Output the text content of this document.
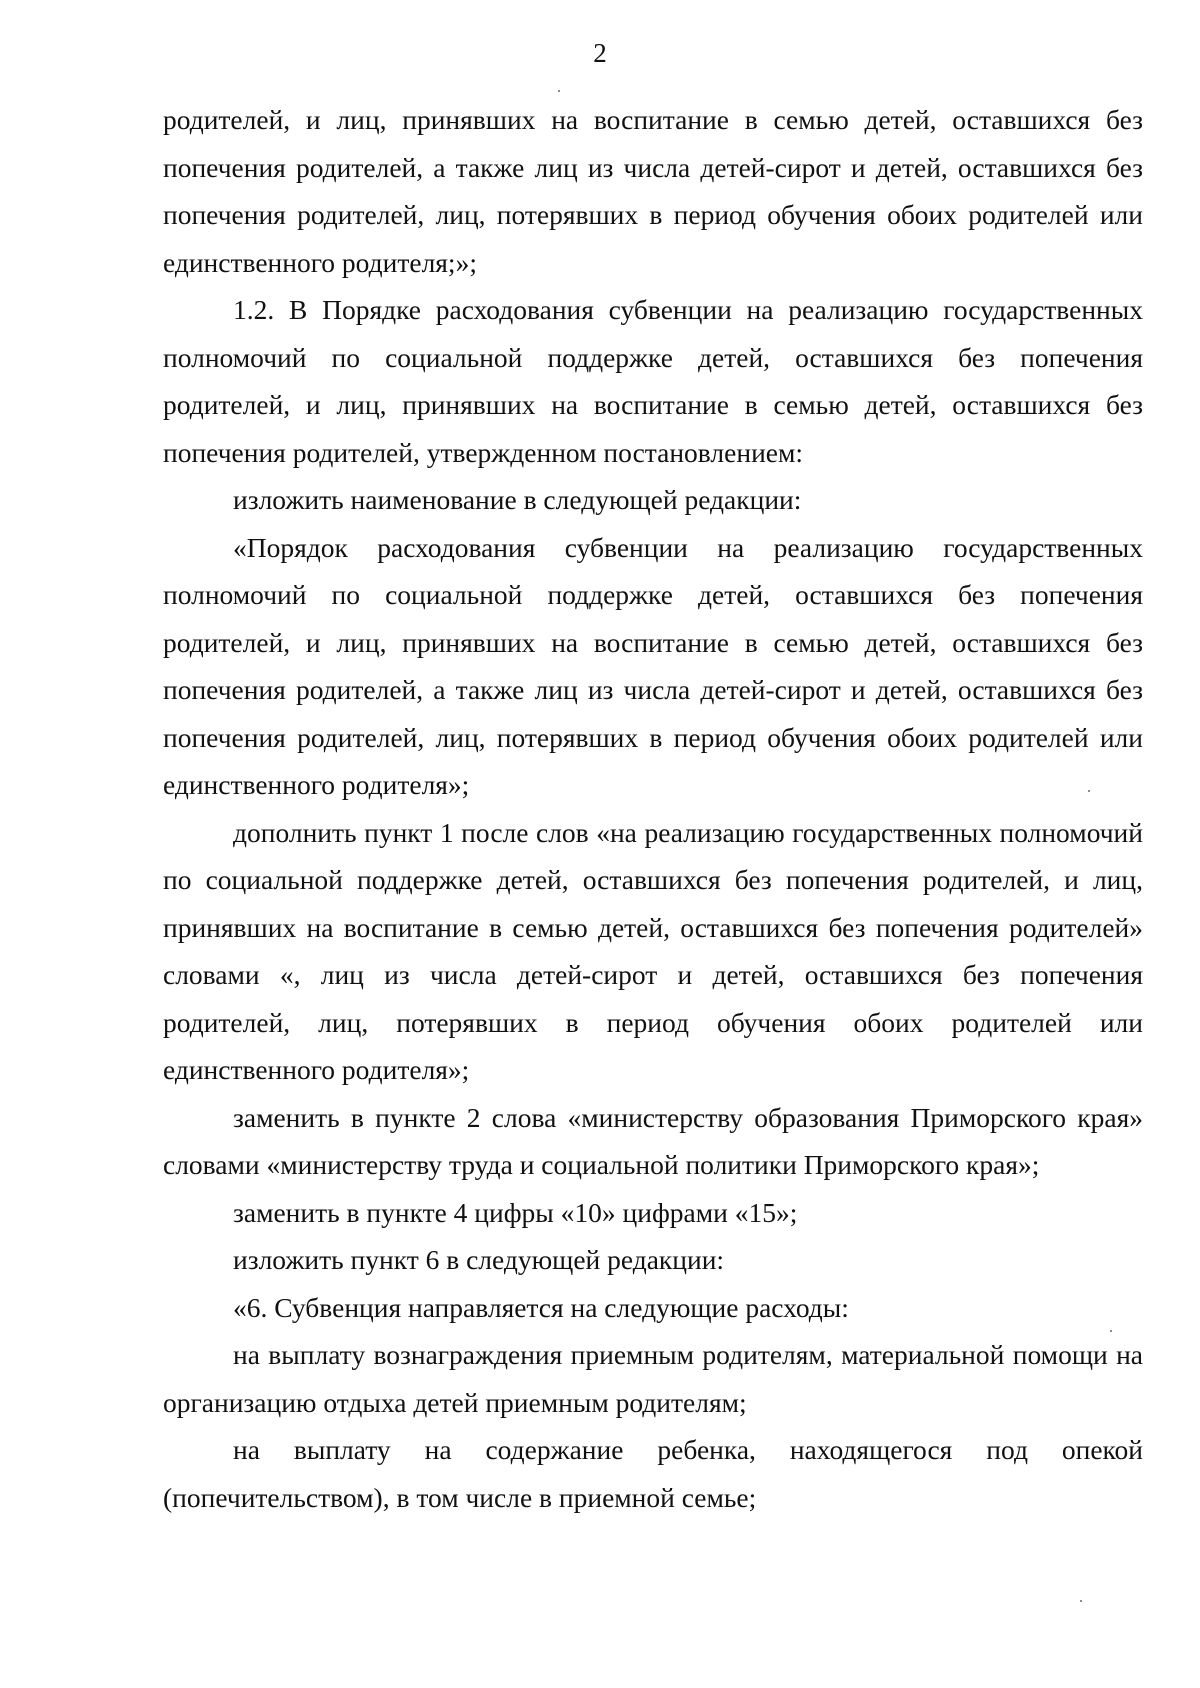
2

родителей, и лиц, принявших на воспитание в семью детей, оставшихся без попечения родителей, а также лиц из числа детей-сирот и детей, оставшихся без попечения родителей, лиц, потерявших в период обучения обоих родителей или единственного родителя;»;

1.2. В Порядке расходования субвенции на реализацию государственных полномочий по социальной поддержке детей, оставшихся без попечения родителей, и лиц, принявших на воспитание в семью детей, оставшихся без попечения родителей, утвержденном постановлением:

изложить наименование в следующей редакции:

«Порядок расходования субвенции на реализацию государственных полномочий по социальной поддержке детей, оставшихся без попечения родителей, и лиц, принявших на воспитание в семью детей, оставшихся без попечения родителей, а также лиц из числа детей-сирот и детей, оставшихся без попечения родителей, лиц, потерявших в период обучения обоих родителей или единственного родителя»;

дополнить пункт 1 после слов «на реализацию государственных полномочий по социальной поддержке детей, оставшихся без попечения родителей, и лиц, принявших на воспитание в семью детей, оставшихся без попечения родителей» словами «, лиц из числа детей-сирот и детей, оставшихся без попечения родителей, лиц, потерявших в период обучения обоих родителей или единственного родителя»;

заменить в пункте 2 слова «министерству образования Приморского края» словами «министерству труда и социальной политики Приморского края»;

заменить в пункте 4 цифры «10» цифрами «15»;

изложить пункт 6 в следующей редакции:

«6. Субвенция направляется на следующие расходы:

на выплату вознаграждения приемным родителям, материальной помощи на организацию отдыха детей приемным родителям;

на выплату на содержание ребенка, находящегося под опекой (попечительством), в том числе в приемной семье;
